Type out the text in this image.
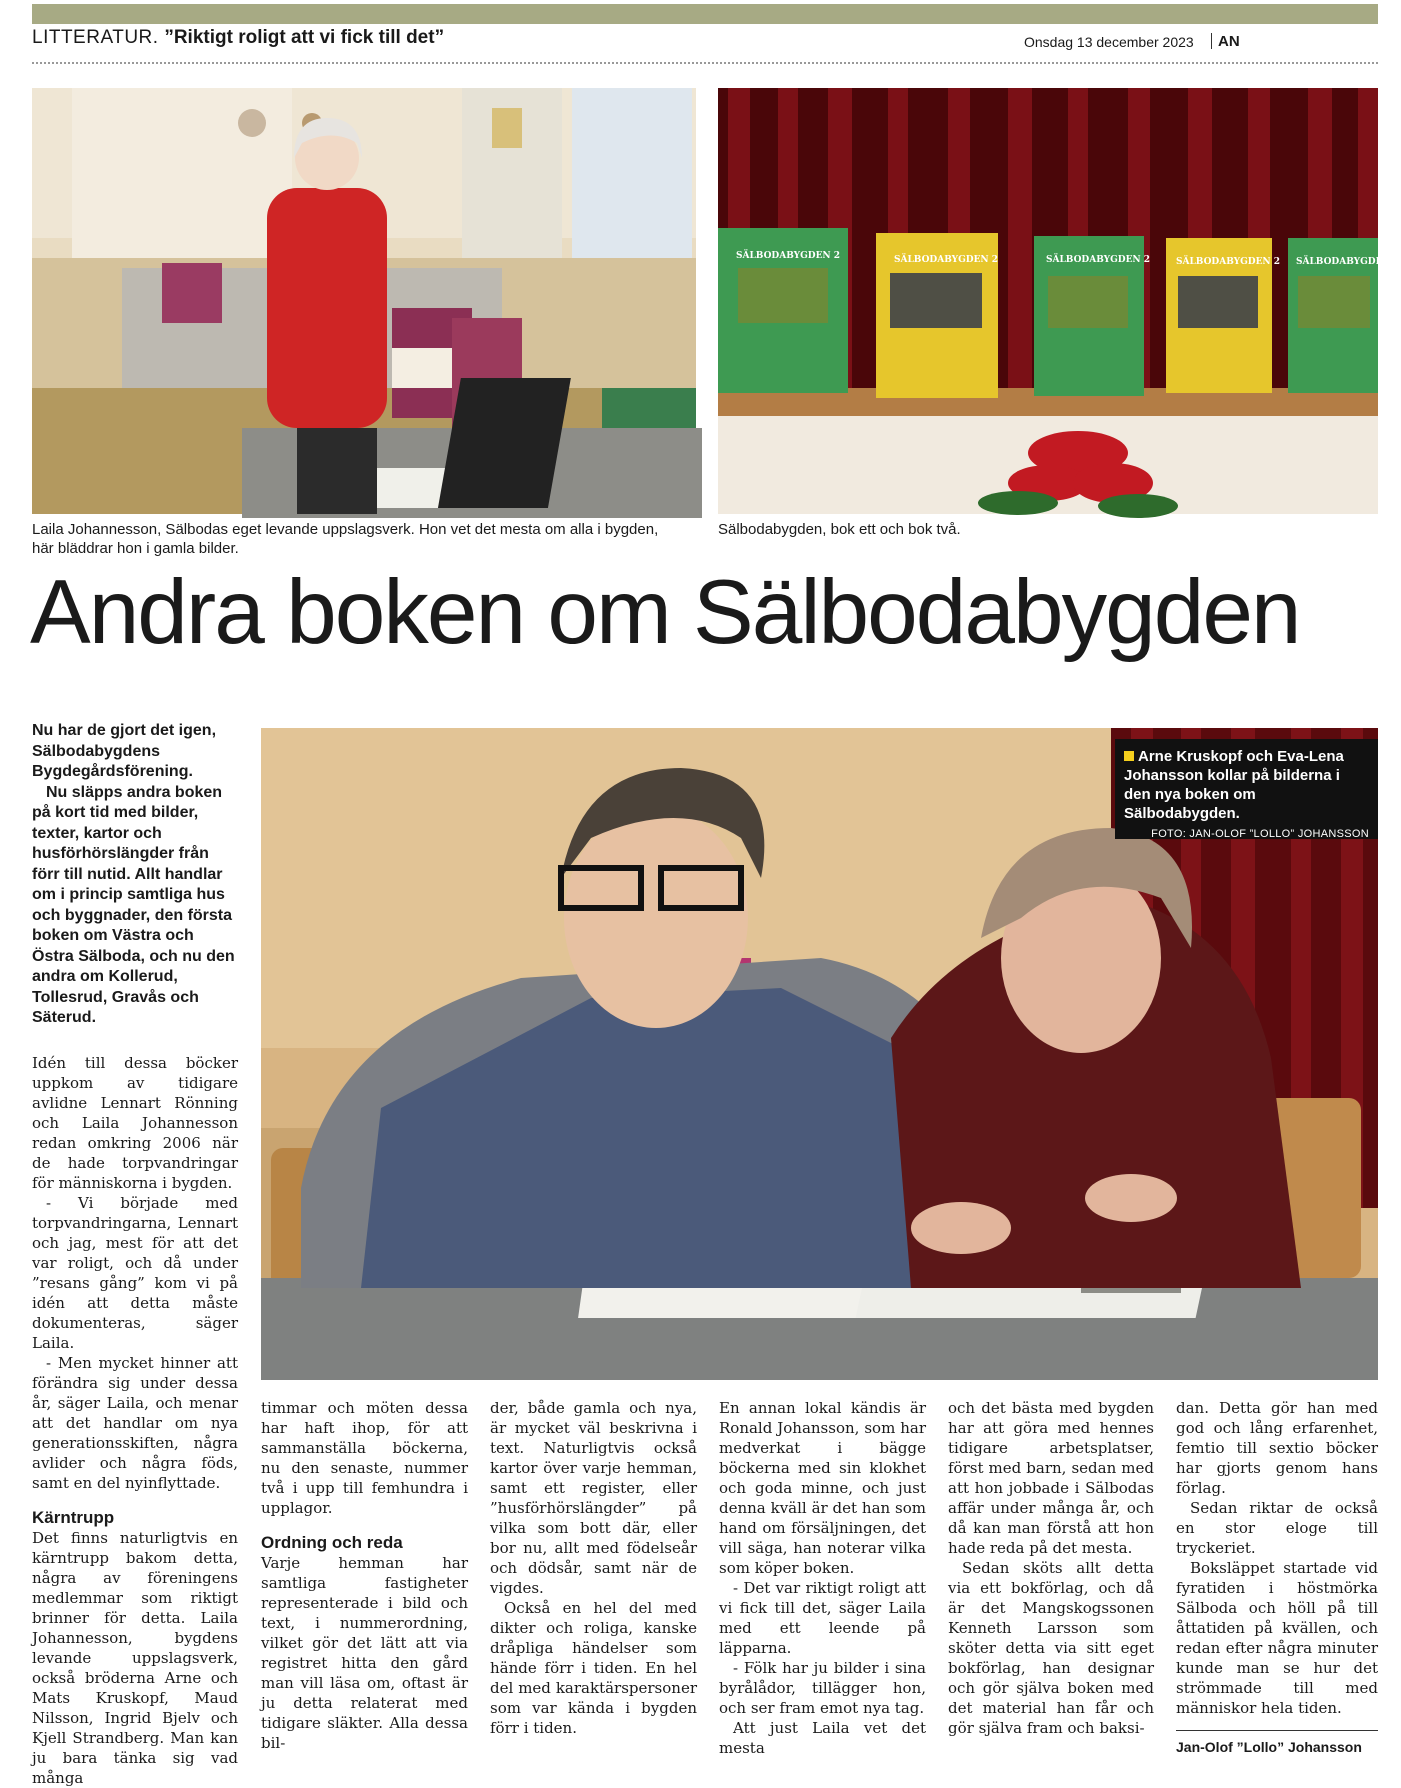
LITTERATUR. ”Riktigt roligt att vi fick till det”	Onsdag 13 december 2023 AN
Laila Johannesson, Sälbodas eget levande uppslagsverk. Hon vet det mesta om alla i bygden, här bläddrar hon i gamla bilder.
SÄLBODABYGDEN 2	SÄLBODABYGDEN 2	SÄLBODABYGDEN 2	SÄLBODABYGDEN 2 SÄLBODABYGDEN 2
Sälbodabygden, bok ett och bok två.
Andra boken om Sälbodabygden

Nu har de gjort det igen, Sälbodabygdens Bygdegårdsförening.

Nu släpps andra boken på kort tid med bilder, texter, kartor och husförhörslängder från förr till nutid. Allt handlar om i princip samtliga hus och byggnader, den första boken om Västra och Östra Sälboda, och nu den andra om Kollerud, Tollesrud, Gravås och Säterud.

Arne Kruskopf och Eva-Lena Johansson kollar på bilderna i den nya boken om Sälbodabygden.
FOTO: JAN-OLOF ”LOLLO” JOHANSSON

Idén till dessa böcker uppkom av tidigare avlidne Lennart Rönning och Laila Johannesson redan omkring 2006 när de hade torpvandringar för människorna i bygden.

- Vi började med torpvandringarna, Lennart och jag, mest för att det var roligt, och då under ”resans gång” kom vi på idén att detta måste dokumenteras, säger Laila.

- Men mycket hinner att förändra sig under dessa år, säger Laila, och menar att det handlar om nya generationsskiften, några avlider och några föds, samt en del nyinflyttade.

Kärntrupp

Det finns naturligtvis en kärntrupp bakom detta, några av föreningens medlemmar som riktigt brinner för detta. Laila Johannesson, bygdens levande uppslagsverk, också bröderna Arne och Mats Kruskopf, Maud Nilsson, Ingrid Bjelv och Kjell Strandberg. Man kan ju bara tänka sig vad många

timmar och möten dessa har haft ihop, för att sammanställa böckerna, nu den senaste, nummer två i upp till femhundra i upplagor.

Ordning och reda

Varje hemman har samtliga fastigheter representerade i bild och text, i nummerordning, vilket gör det lätt att via registret hitta den gård man vill läsa om, oftast är ju detta relaterat med tidigare släkter. Alla dessa bil-

der, både gamla och nya, är mycket väl beskrivna i text. Naturligtvis också kartor över varje hemman, samt ett register, eller ”husförhörslängder” på vilka som bott där, eller bor nu, allt med födelseår och dödsår, samt när de vigdes.

Också en hel del med dikter och roliga, kanske dråpliga händelser som hände förr i tiden. En hel del med karaktärspersoner som var kända i bygden förr i tiden.

En annan lokal kändis är Ronald Johansson, som har medverkat i bägge böckerna med sin klokhet och goda minne, och just denna kväll är det han som hand om försäljningen, det vill säga, han noterar vilka som köper boken.

- Det var riktigt roligt att vi fick till det, säger Laila med ett leende på läpparna.

- Fölk har ju bilder i sina byrålådor, tillägger hon, och ser fram emot nya tag.

Att just Laila vet det mesta

och det bästa med bygden har att göra med hennes tidigare arbetsplatser, först med barn, sedan med att hon jobbade i Sälbodas affär under många år, och då kan man förstå att hon hade reda på det mesta.

Sedan sköts allt detta via ett bokförlag, och då är det Mangskogssonen Kenneth Larsson som sköter detta via sitt eget bokförlag, han designar och gör själva boken med det material han får och gör själva fram och baksi-

dan. Detta gör han med god och lång erfarenhet, femtio till sextio böcker har gjorts genom hans förlag.

Sedan riktar de också en stor eloge till tryckeriet.

Boksläppet startade vid fyratiden i höstmörka Sälboda och höll på till åttatiden på kvällen, och redan efter några minuter kunde man se hur det strömmade till med människor hela tiden.

Jan-Olof ”Lollo” Johansson
